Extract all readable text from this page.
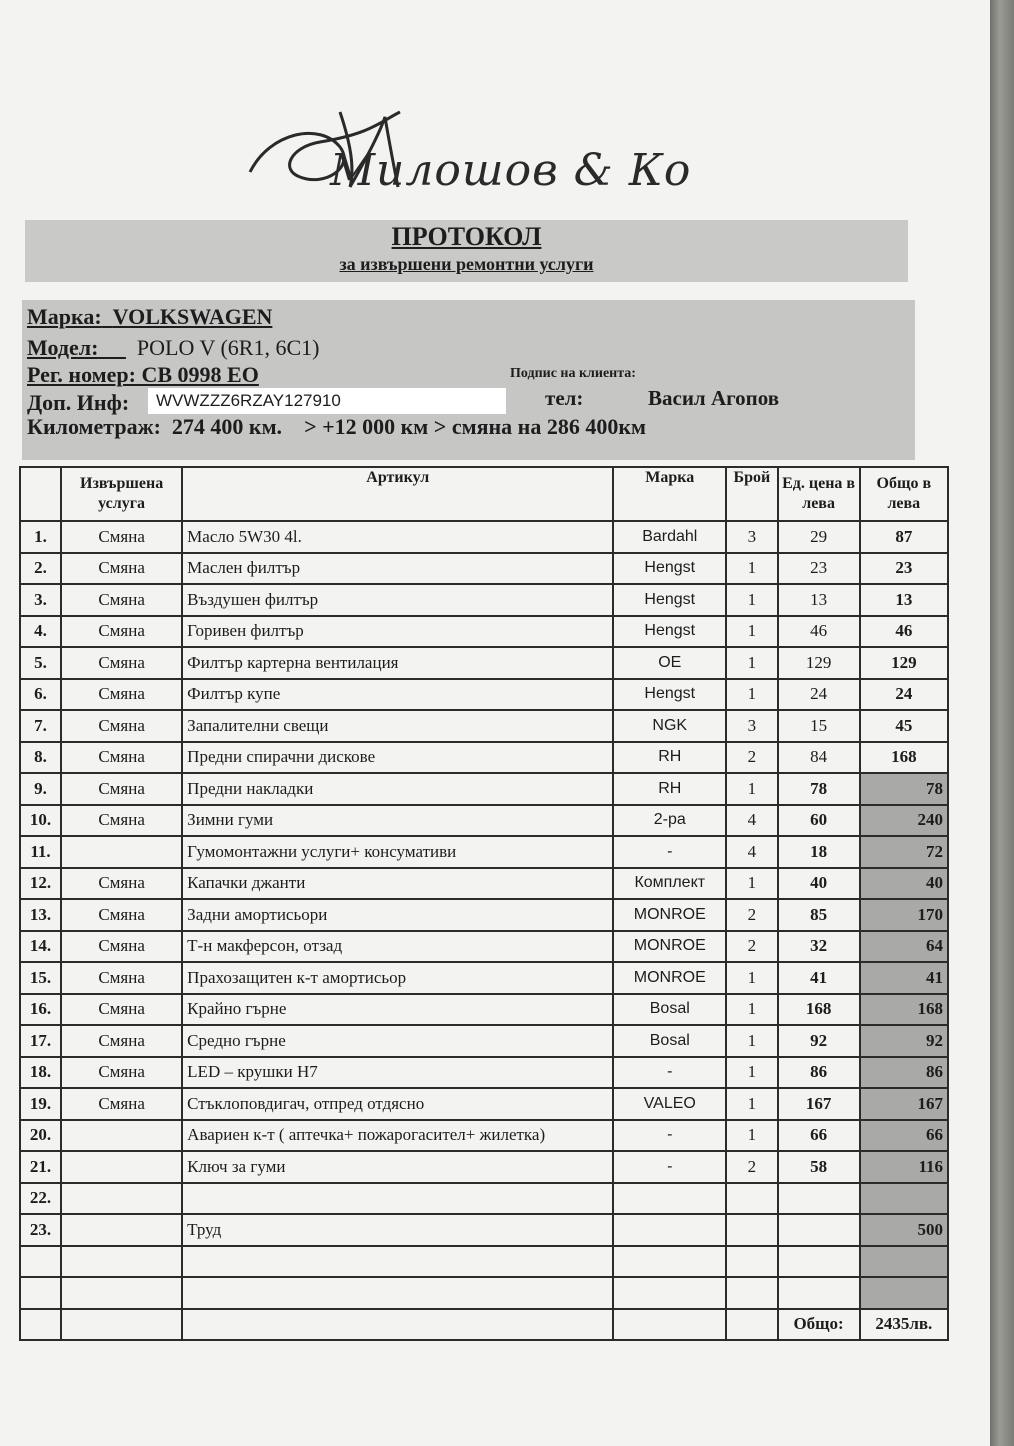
Милошов & Ко
ПРОТОКОЛ
за извършени ремонтни услуги
Марка: VOLKSWAGEN
Модел: POLO V (6R1, 6C1)
Рег. номер: CB 0998 EO	Подпис на клиента:
Доп. Инф:	WVWZZZ6RZAY127910	тел:	Васил Агопов
Километраж: 274 400 км. > +12 000 км > смяна на 286 400км
	Извършена услуга	Артикул	Марка	Брой	Ед. цена в лева	Общо в лева
1.	Смяна	Масло 5W30 4l.	Bardahl	3	29	87
2.	Смяна	Маслен филтър	Hengst	1	23	23
3.	Смяна	Въздушен филтър	Hengst	1	13	13
4.	Смяна	Горивен филтър	Hengst	1	46	46
5.	Смяна	Филтър картерна вентилация	OE	1	129	129
6.	Смяна	Филтър купе	Hengst	1	24	24
7.	Смяна	Запалителни свещи	NGK	3	15	45
8.	Смяна	Предни спирачни дискове	RH	2	84	168
9.	Смяна	Предни накладки	RH	1	78	78
10.	Смяна	Зимни гуми	2-ра	4	60	240
11.		Гумомонтажни услуги+ консумативи	-	4	18	72
12.	Смяна	Капачки джанти	Комплект	1	40	40
13.	Смяна	Задни амортисьори	MONROE	2	85	170
14.	Смяна	Т-н макферсон, отзад	MONROE	2	32	64
15.	Смяна	Прахозащитен к-т амортисьор	MONROE	1	41	41
16.	Смяна	Крайно гърне	Bosal	1	168	168
17.	Смяна	Средно гърне	Bosal	1	92	92
18.	Смяна	LED – крушки H7	-	1	86	86
19.	Смяна	Стъклоповдигач, отпред отдясно	VALEO	1	167	167
20.		Авариен к-т ( аптечка+ пожарогасител+ жилетка)	-	1	66	66
21.		Ключ за гуми	-	2	58	116
22.						
23.		Труд				500

					Общо:	2435лв.
